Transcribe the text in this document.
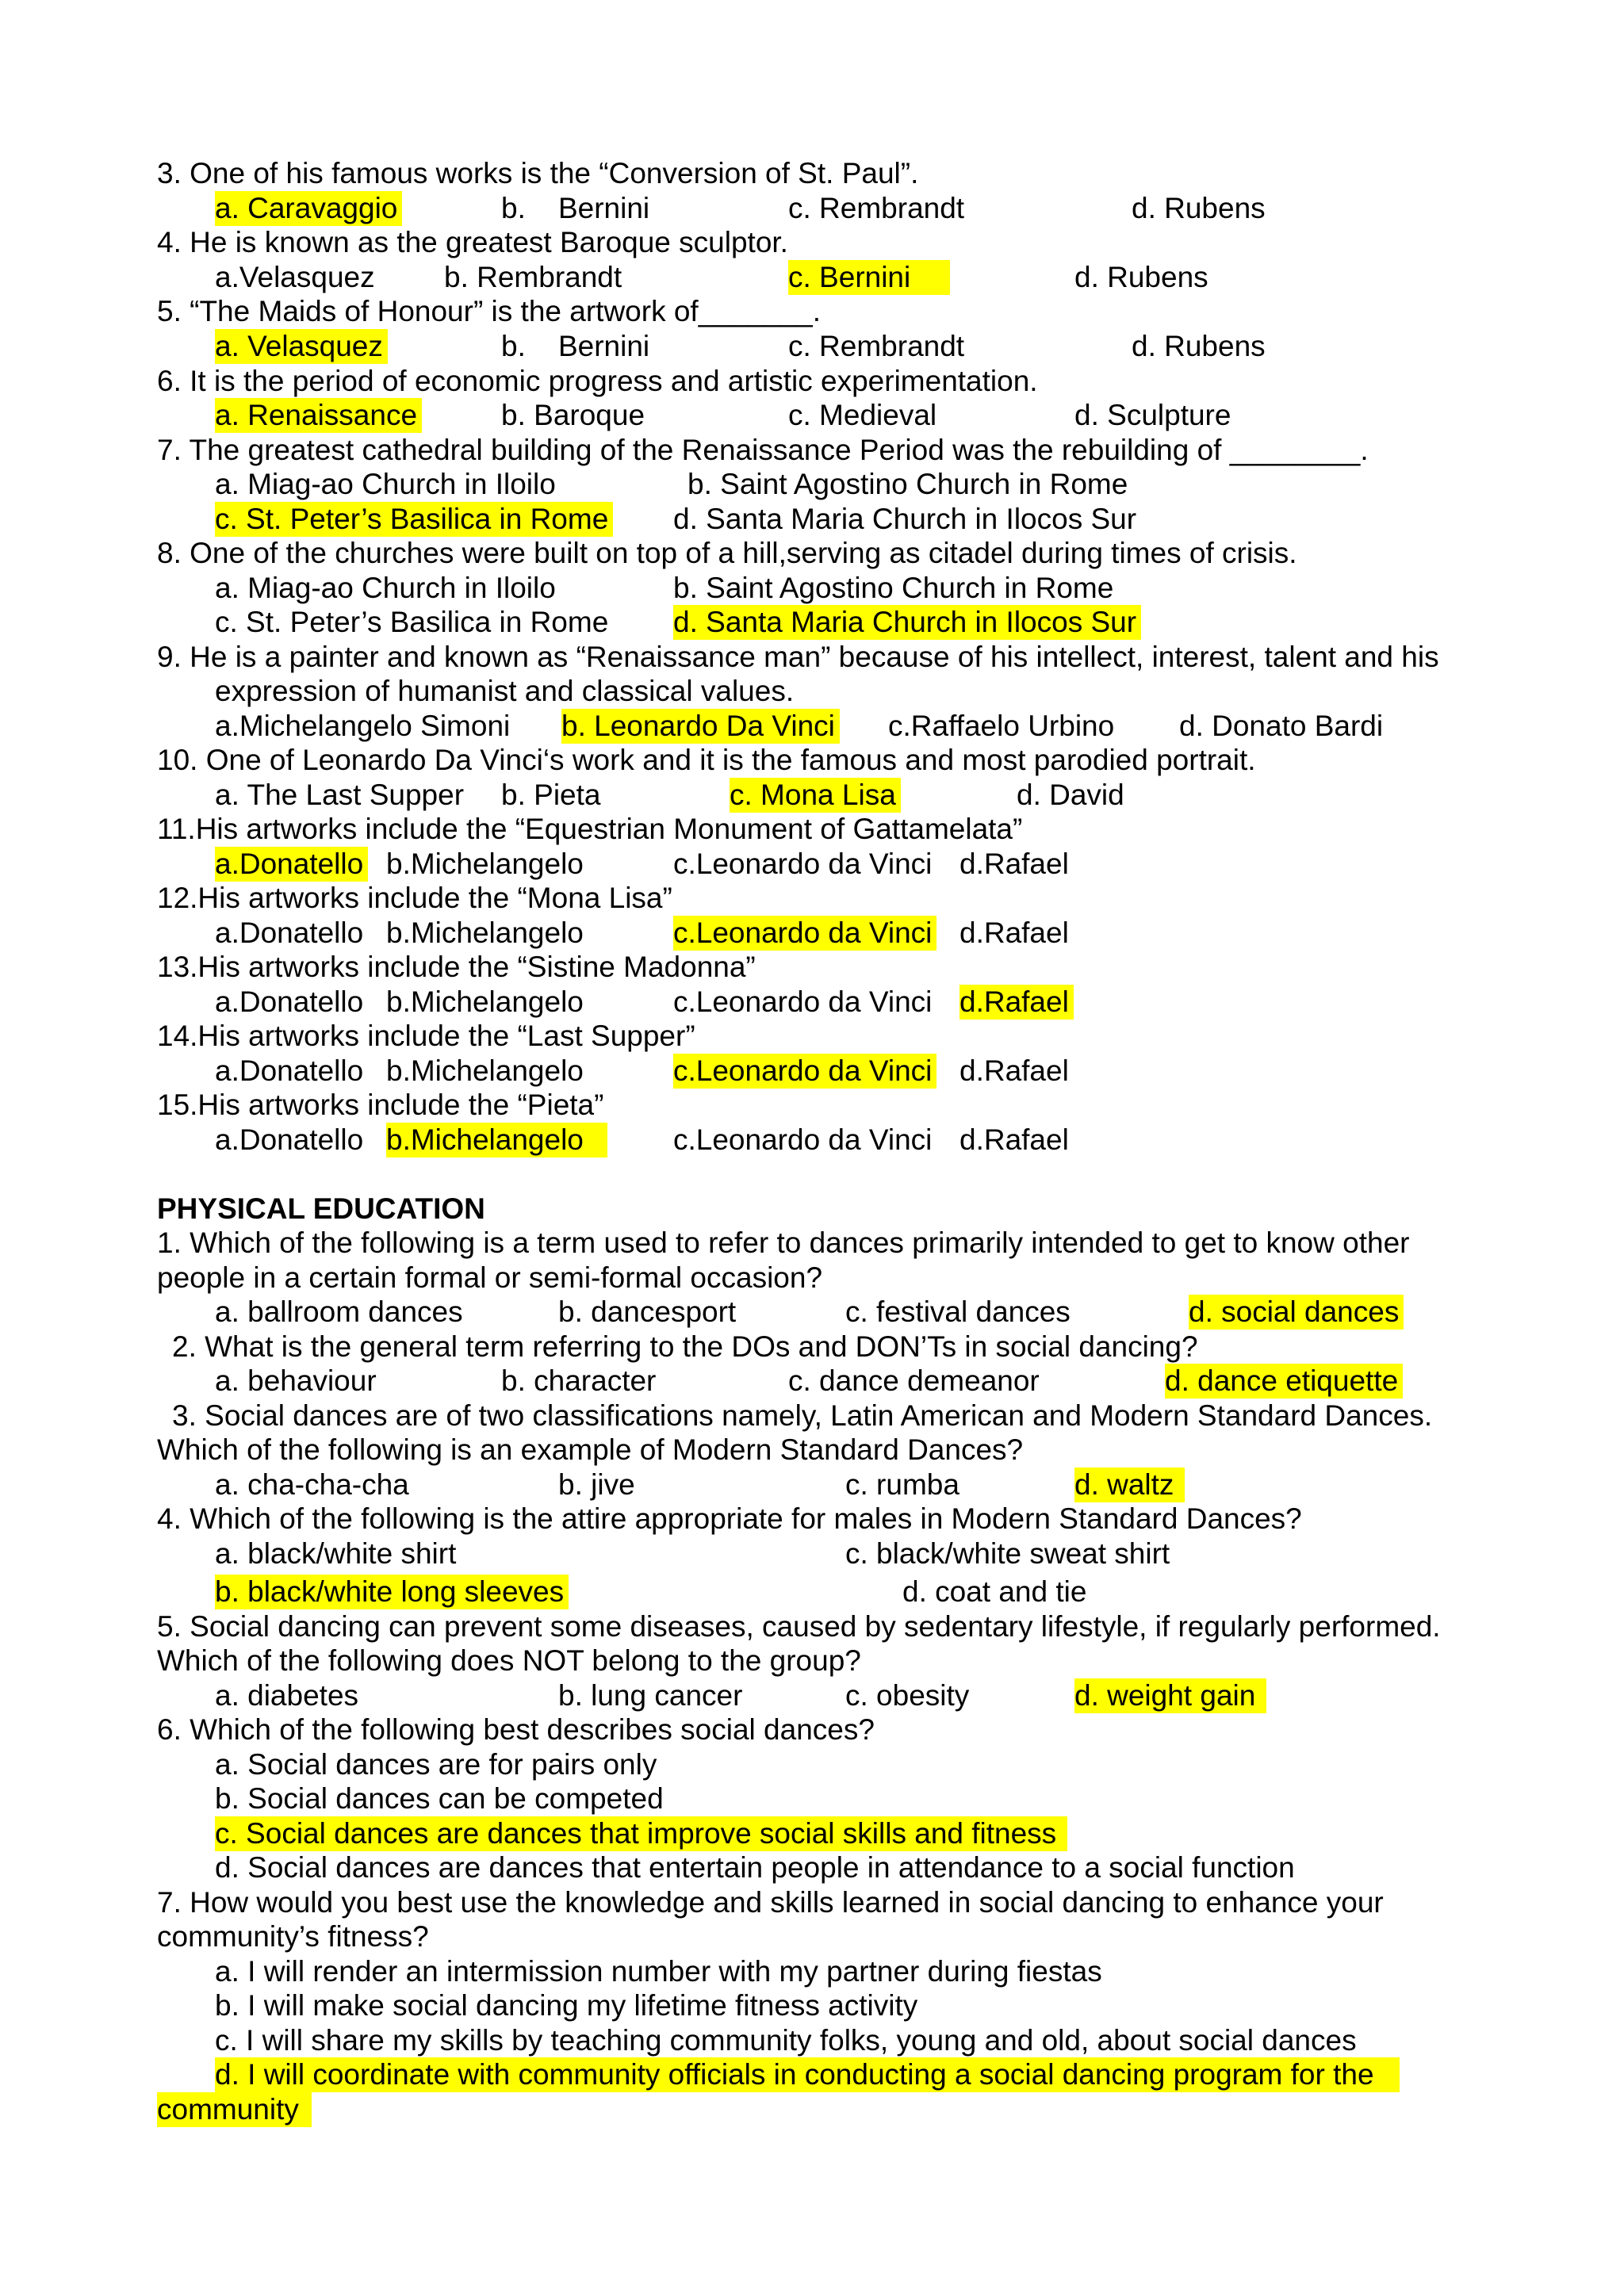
3. One of his famous works is the “Conversion of St. Paul”.

a. Caravaggio

	b.    Bernini

	c. Rembrandt

	d. Rubens

4. He is known as the greatest Baroque sculptor.

a.Velasquez

b. Rembrandt

	c. Bernini

	d. Rubens

5. “The Maids of Honour” is the artwork of_______.

a. Velasquez

	b.    Bernini

	c. Rembrandt

	d. Rubens

6. It is the period of economic progress and artistic experimentation.

a. Renaissance

	b. Baroque

	c. Medieval

	d. Sculpture

7. The greatest cathedral building of the Renaissance Period was the rebuilding of ________.

a. Miag-ao Church in Iloilo

	b. Saint Agostino Church in Rome

c. St. Peter’s Basilica in Rome

d. Santa Maria Church in Ilocos Sur

8. One of the churches were built on top of a hill,serving as citadel during times of crisis.

a. Miag-ao Church in Iloilo

	b. Saint Agostino Church in Rome

c. St. Peter’s Basilica in Rome

d. Santa Maria Church in Ilocos Sur

9. He is a painter and known as “Renaissance man” because of his intellect, interest, talent and his
expression of humanist and classical values.

a.Michelangelo Simoni

b. Leonardo Da Vinci

c.Raffaelo Urbino

d. Donato Bardi

10. One of Leonardo Da Vinci‘s work and it is the famous and most parodied portrait.

a. The Last Supper

b. Pieta

	c. Mona Lisa

	d. David

11.His artworks include the “Equestrian Monument of Gattamelata”

a.Donatello

b.Michelangelo

	c.Leonardo da Vinci

d.Rafael

12.His artworks include the “Mona Lisa”

a.Donatello

b.Michelangelo

	c.Leonardo da Vinci

d.Rafael

13.His artworks include the “Sistine Madonna”

a.Donatello

b.Michelangelo

	c.Leonardo da Vinci

d.Rafael

14.His artworks include the “Last Supper”

a.Donatello

b.Michelangelo

	c.Leonardo da Vinci

d.Rafael

15.His artworks include the “Pieta”

a.Donatello

b.Michelangelo

	c.Leonardo da Vinci

d.Rafael

PHYSICAL EDUCATION
1. Which of the following is a term used to refer to dances primarily intended to get to know other
people in a certain formal or semi-formal occasion?

a. ballroom dances

	b. dancesport

	c. festival dances

	d. social dances

2. What is the general term referring to the DOs and DON’Ts in social dancing?

a. behaviour

	b. character

	c. dance demeanor

	d. dance etiquette

3. Social dances are of two classifications namely, Latin American and Modern Standard Dances.
Which of the following is an example of Modern Standard Dances?

a. cha-cha-cha

	b. jive

	c. rumba

	d. waltz

4. Which of the following is the attire appropriate for males in Modern Standard Dances?

a. black/white shirt

	c. black/white sweat shirt

b. black/white long sleeves

	d. coat and tie

5. Social dancing can prevent some diseases, caused by sedentary lifestyle, if regularly performed.
Which of the following does NOT belong to the group?

a. diabetes

	b. lung cancer

	c. obesity

	d. weight gain

6. Which of the following best describes social dances?
a. Social dances are for pairs only
b. Social dances can be competed
c. Social dances are dances that improve social skills and fitness
d. Social dances are dances that entertain people in attendance to a social function
7. How would you best use the knowledge and skills learned in social dancing to enhance your
community’s fitness?
a. I will render an intermission number with my partner during fiestas
b. I will make social dancing my lifetime fitness activity
c. I will share my skills by teaching community folks, young and old, about social dances
d. I will coordinate with community officials in conducting a social dancing program for the
community
